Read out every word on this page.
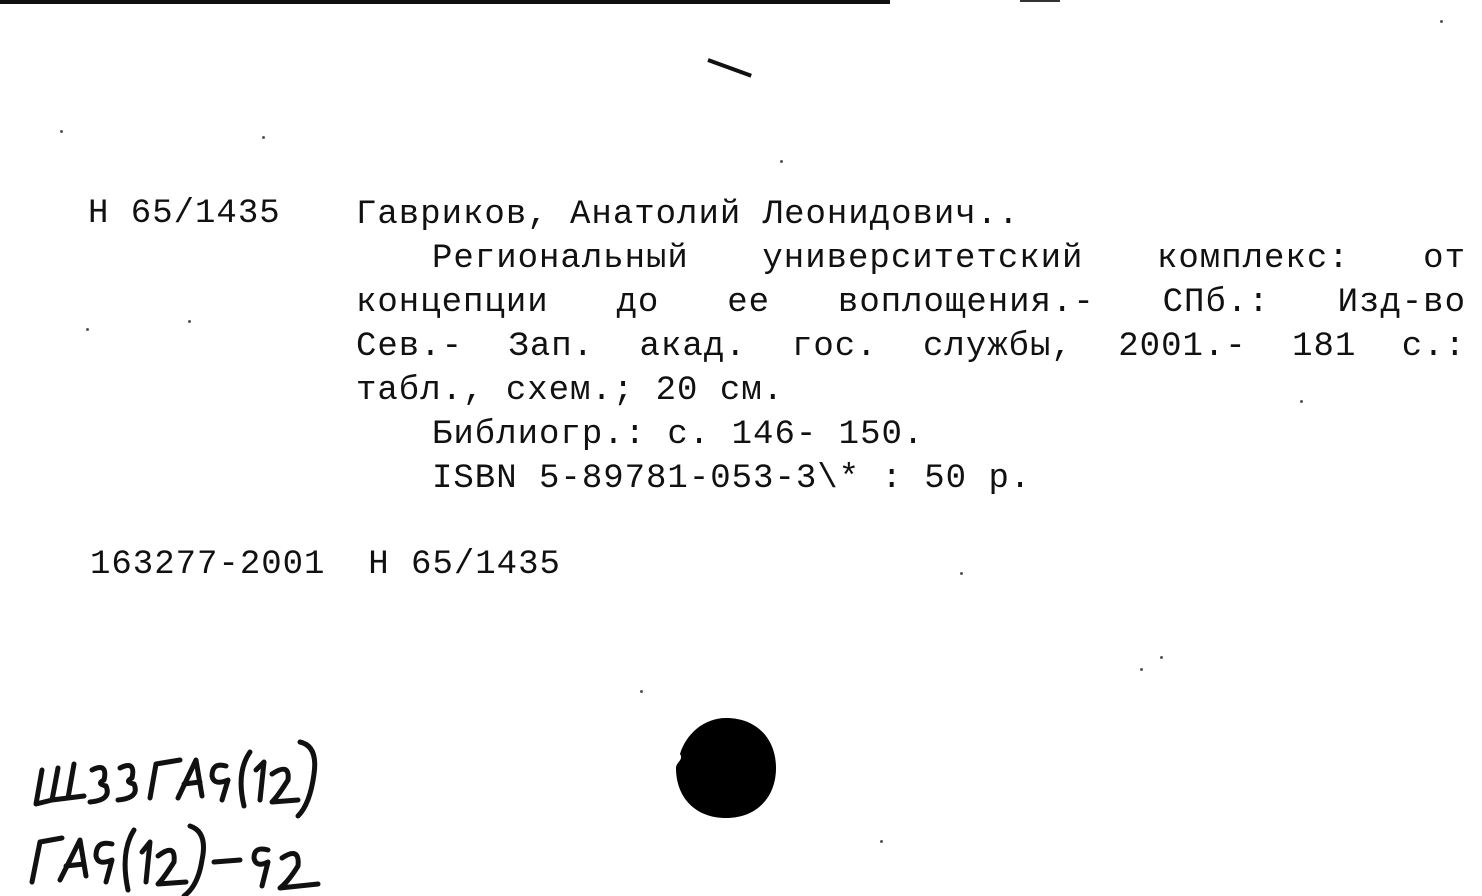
Н 65/1435 Гавриков, Анатолий Леонидович..
Региональный университетский комплекс: от
концепции до ее воплощения.- СПб.: Изд-во
Сев.- Зап. акад. гос. службы, 2001.- 181 с.:
табл., схем.; 20 см.
Библиогр.: с. 146- 150.
ISBN 5-89781-053-3\* : 50 р.
163277-2001 Н 65/1435
